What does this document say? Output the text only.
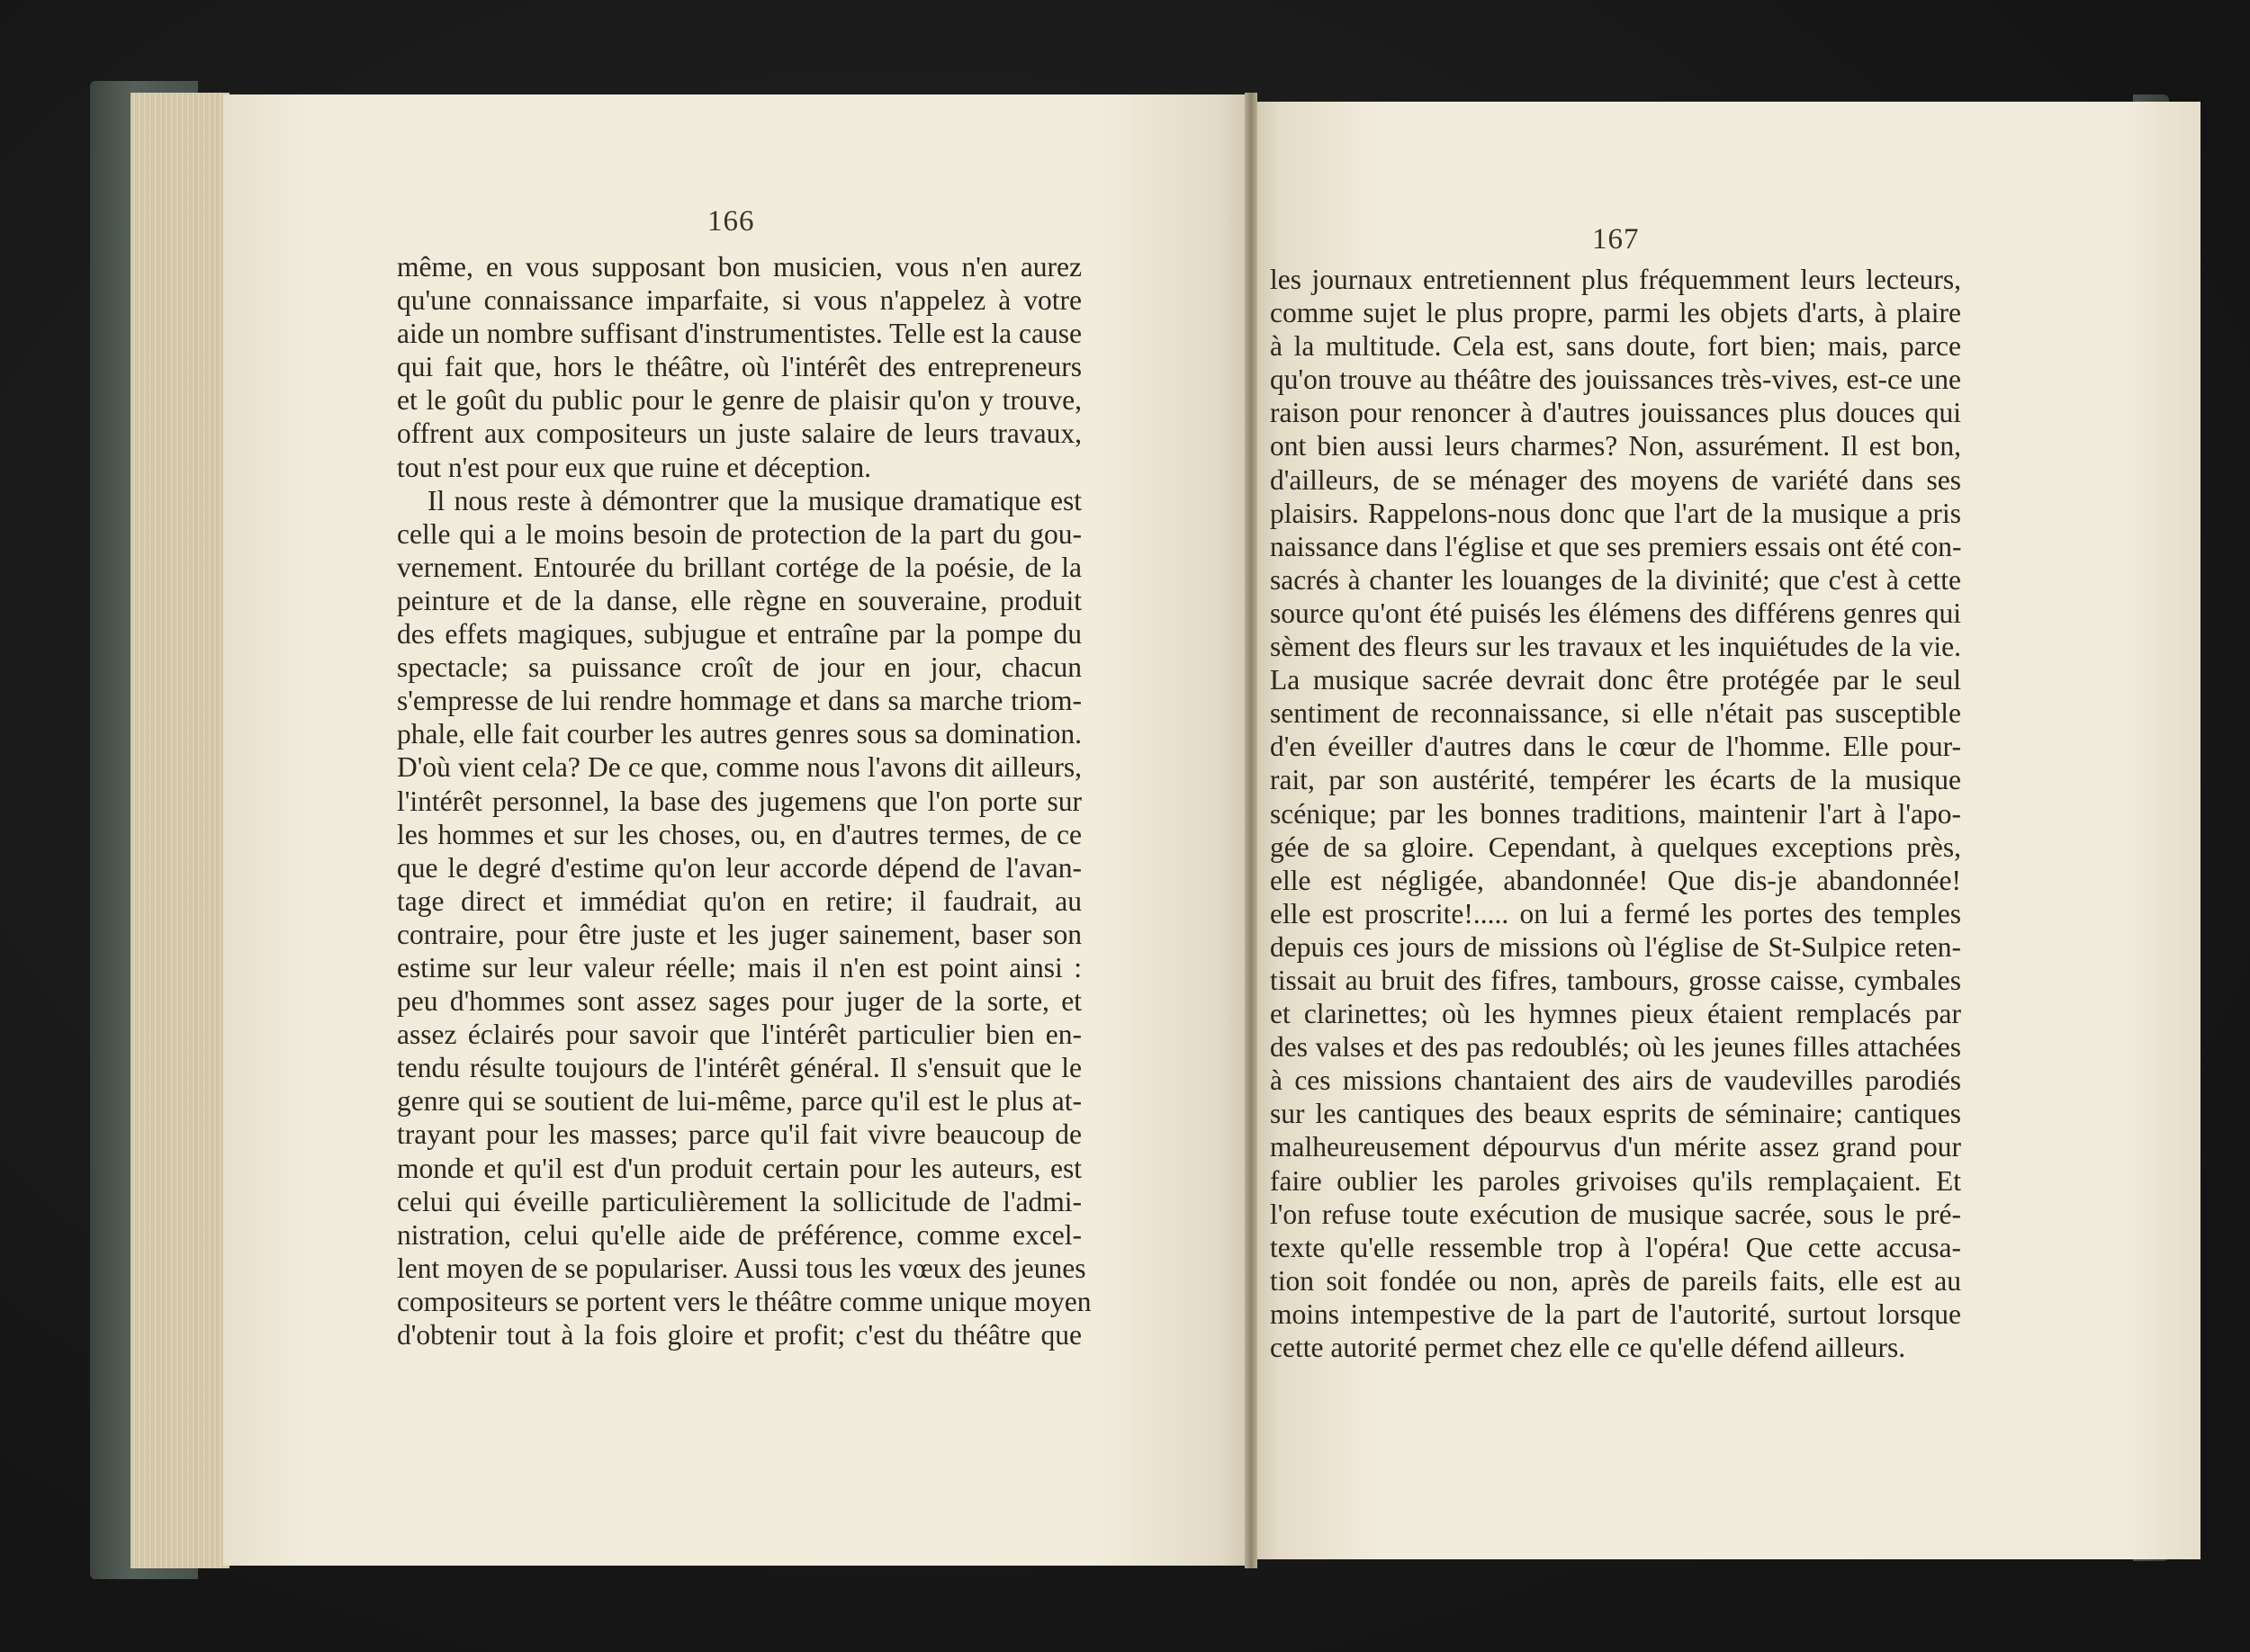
166
même, en vous supposant bon musicien, vous n'en aurez
qu'une connaissance imparfaite, si vous n'appelez à votre
aide un nombre suffisant d'instrumentistes. Telle est la cause
qui fait que, hors le théâtre, où l'intérêt des entrepreneurs
et le goût du public pour le genre de plaisir qu'on y trouve,
offrent aux compositeurs un juste salaire de leurs travaux,
tout n'est pour eux que ruine et déception.
Il nous reste à démontrer que la musique dramatique est
celle qui a le moins besoin de protection de la part du gou-
vernement. Entourée du brillant cortége de la poésie, de la
peinture et de la danse, elle règne en souveraine, produit
des effets magiques, subjugue et entraîne par la pompe du
spectacle; sa puissance croît de jour en jour, chacun
s'empresse de lui rendre hommage et dans sa marche triom-
phale, elle fait courber les autres genres sous sa domination.
D'où vient cela? De ce que, comme nous l'avons dit ailleurs,
l'intérêt personnel, la base des jugemens que l'on porte sur
les hommes et sur les choses, ou, en d'autres termes, de ce
que le degré d'estime qu'on leur accorde dépend de l'avan-
tage direct et immédiat qu'on en retire; il faudrait, au
contraire, pour être juste et les juger sainement, baser son
estime sur leur valeur réelle; mais il n'en est point ainsi :
peu d'hommes sont assez sages pour juger de la sorte, et
assez éclairés pour savoir que l'intérêt particulier bien en-
tendu résulte toujours de l'intérêt général. Il s'ensuit que le
genre qui se soutient de lui-même, parce qu'il est le plus at-
trayant pour les masses; parce qu'il fait vivre beaucoup de
monde et qu'il est d'un produit certain pour les auteurs, est
celui qui éveille particulièrement la sollicitude de l'admi-
nistration, celui qu'elle aide de préférence, comme excel-
lent moyen de se populariser. Aussi tous les vœux des jeunes
compositeurs se portent vers le théâtre comme unique moyen
d'obtenir tout à la fois gloire et profit; c'est du théâtre que
167
les journaux entretiennent plus fréquemment leurs lecteurs,
comme sujet le plus propre, parmi les objets d'arts, à plaire
à la multitude. Cela est, sans doute, fort bien; mais, parce
qu'on trouve au théâtre des jouissances très-vives, est-ce une
raison pour renoncer à d'autres jouissances plus douces qui
ont bien aussi leurs charmes? Non, assurément. Il est bon,
d'ailleurs, de se ménager des moyens de variété dans ses
plaisirs. Rappelons-nous donc que l'art de la musique a pris
naissance dans l'église et que ses premiers essais ont été con-
sacrés à chanter les louanges de la divinité; que c'est à cette
source qu'ont été puisés les élémens des différens genres qui
sèment des fleurs sur les travaux et les inquiétudes de la vie.
La musique sacrée devrait donc être protégée par le seul
sentiment de reconnaissance, si elle n'était pas susceptible
d'en éveiller d'autres dans le cœur de l'homme. Elle pour-
rait, par son austérité, tempérer les écarts de la musique
scénique; par les bonnes traditions, maintenir l'art à l'apo-
gée de sa gloire. Cependant, à quelques exceptions près,
elle est négligée, abandonnée! Que dis-je abandonnée!
elle est proscrite!..... on lui a fermé les portes des temples
depuis ces jours de missions où l'église de St-Sulpice reten-
tissait au bruit des fifres, tambours, grosse caisse, cymbales
et clarinettes; où les hymnes pieux étaient remplacés par
des valses et des pas redoublés; où les jeunes filles attachées
à ces missions chantaient des airs de vaudevilles parodiés
sur les cantiques des beaux esprits de séminaire; cantiques
malheureusement dépourvus d'un mérite assez grand pour
faire oublier les paroles grivoises qu'ils remplaçaient. Et
l'on refuse toute exécution de musique sacrée, sous le pré-
texte qu'elle ressemble trop à l'opéra! Que cette accusa-
tion soit fondée ou non, après de pareils faits, elle est au
moins intempestive de la part de l'autorité, surtout lorsque
cette autorité permet chez elle ce qu'elle défend ailleurs.
